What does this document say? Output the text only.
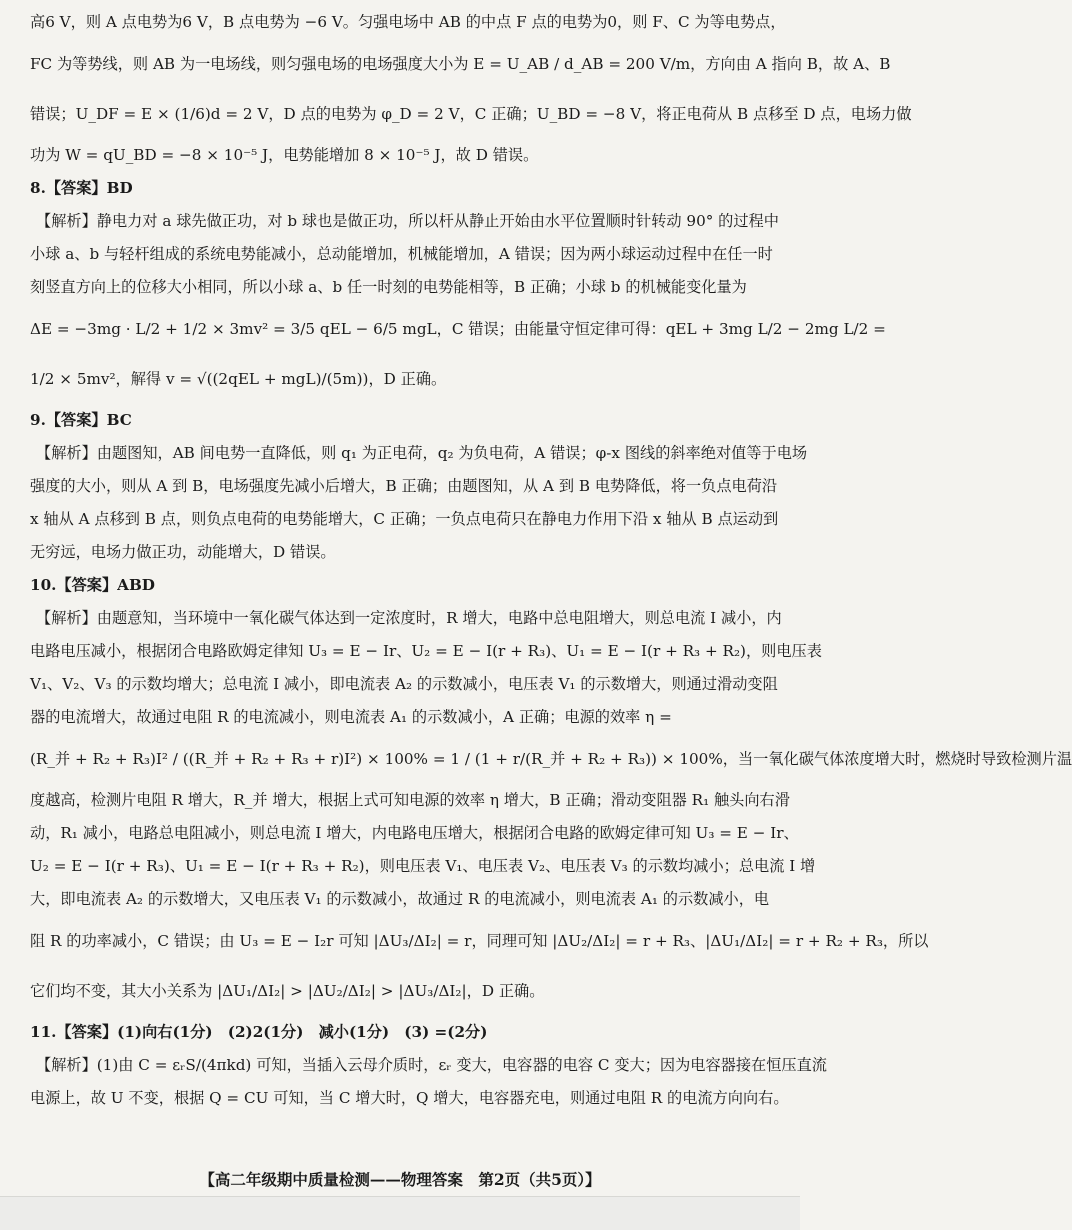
高6 V，则 A 点电势为6 V，B 点电势为 −6 V。匀强电场中 AB 的中点 F 点的电势为0，则 F、C 为等电势点，
FC 为等势线，则 AB 为一电场线，则匀强电场的电场强度大小为 E = U_AB / d_AB = 200 V/m，方向由 A 指向 B，故 A、B
错误；U_DF = E × (1/6)d = 2 V，D 点的电势为 φ_D = 2 V，C 正确；U_BD = −8 V，将正电荷从 B 点移至 D 点，电场力做
功为 W = qU_BD = −8 × 10⁻⁵ J，电势能增加 8 × 10⁻⁵ J，故 D 错误。
8.【答案】BD
【解析】静电力对 a 球先做正功，对 b 球也是做正功，所以杆从静止开始由水平位置顺时针转动 90° 的过程中
小球 a、b 与轻杆组成的系统电势能减小，总动能增加，机械能增加，A 错误；因为两小球运动过程中在任一时
刻竖直方向上的位移大小相同，所以小球 a、b 任一时刻的电势能相等，B 正确；小球 b 的机械能变化量为
ΔE = −3mg · L/2 + 1/2 × 3mv² = 3/5 qEL − 6/5 mgL，C 错误；由能量守恒定律可得：qEL + 3mg L/2 − 2mg L/2 =
1/2 × 5mv²，解得 v = √((2qEL + mgL)/(5m))，D 正确。
9.【答案】BC
【解析】由题图知，AB 间电势一直降低，则 q₁ 为正电荷，q₂ 为负电荷，A 错误；φ-x 图线的斜率绝对值等于电场
强度的大小，则从 A 到 B，电场强度先减小后增大，B 正确；由题图知，从 A 到 B 电势降低，将一负点电荷沿
x 轴从 A 点移到 B 点，则负点电荷的电势能增大，C 正确；一负点电荷只在静电力作用下沿 x 轴从 B 点运动到
无穷远，电场力做正功，动能增大，D 错误。
10.【答案】ABD
【解析】由题意知，当环境中一氧化碳气体达到一定浓度时，R 增大，电路中总电阻增大，则总电流 I 减小，内
电路电压减小，根据闭合电路欧姆定律知 U₃ = E − Ir、U₂ = E − I(r + R₃)、U₁ = E − I(r + R₃ + R₂)，则电压表
V₁、V₂、V₃ 的示数均增大；总电流 I 减小，即电流表 A₂ 的示数减小，电压表 V₁ 的示数增大，则通过滑动变阻
器的电流增大，故通过电阻 R 的电流减小，则电流表 A₁ 的示数减小，A 正确；电源的效率 η =
(R_并 + R₂ + R₃)I² / ((R_并 + R₂ + R₃ + r)I²) × 100% = 1 / (1 + r/(R_并 + R₂ + R₃)) × 100%，当一氧化碳气体浓度增大时，燃烧时导致检测片温
度越高，检测片电阻 R 增大，R_并 增大，根据上式可知电源的效率 η 增大，B 正确；滑动变阻器 R₁ 触头向右滑
动，R₁ 减小，电路总电阻减小，则总电流 I 增大，内电路电压增大，根据闭合电路的欧姆定律可知 U₃ = E − Ir、
U₂ = E − I(r + R₃)、U₁ = E − I(r + R₃ + R₂)，则电压表 V₁、电压表 V₂、电压表 V₃ 的示数均减小；总电流 I 增
大，即电流表 A₂ 的示数增大，又电压表 V₁ 的示数减小，故通过 R 的电流减小，则电流表 A₁ 的示数减小，电
阻 R 的功率减小，C 错误；由 U₃ = E − I₂r 可知 |ΔU₃/ΔI₂| = r，同理可知 |ΔU₂/ΔI₂| = r + R₃、|ΔU₁/ΔI₂| = r + R₂ + R₃，所以
它们均不变，其大小关系为 |ΔU₁/ΔI₂| > |ΔU₂/ΔI₂| > |ΔU₃/ΔI₂|，D 正确。
11.【答案】(1)向右(1分)　(2)2(1分)　减小(1分)　(3) =(2分)
【解析】(1)由 C = εᵣS/(4πkd) 可知，当插入云母介质时，εᵣ 变大，电容器的电容 C 变大；因为电容器接在恒压直流
电源上，故 U 不变，根据 Q = CU 可知，当 C 增大时，Q 增大，电容器充电，则通过电阻 R 的电流方向向右。
【高二年级期中质量检测——物理答案　第2页（共5页）】
